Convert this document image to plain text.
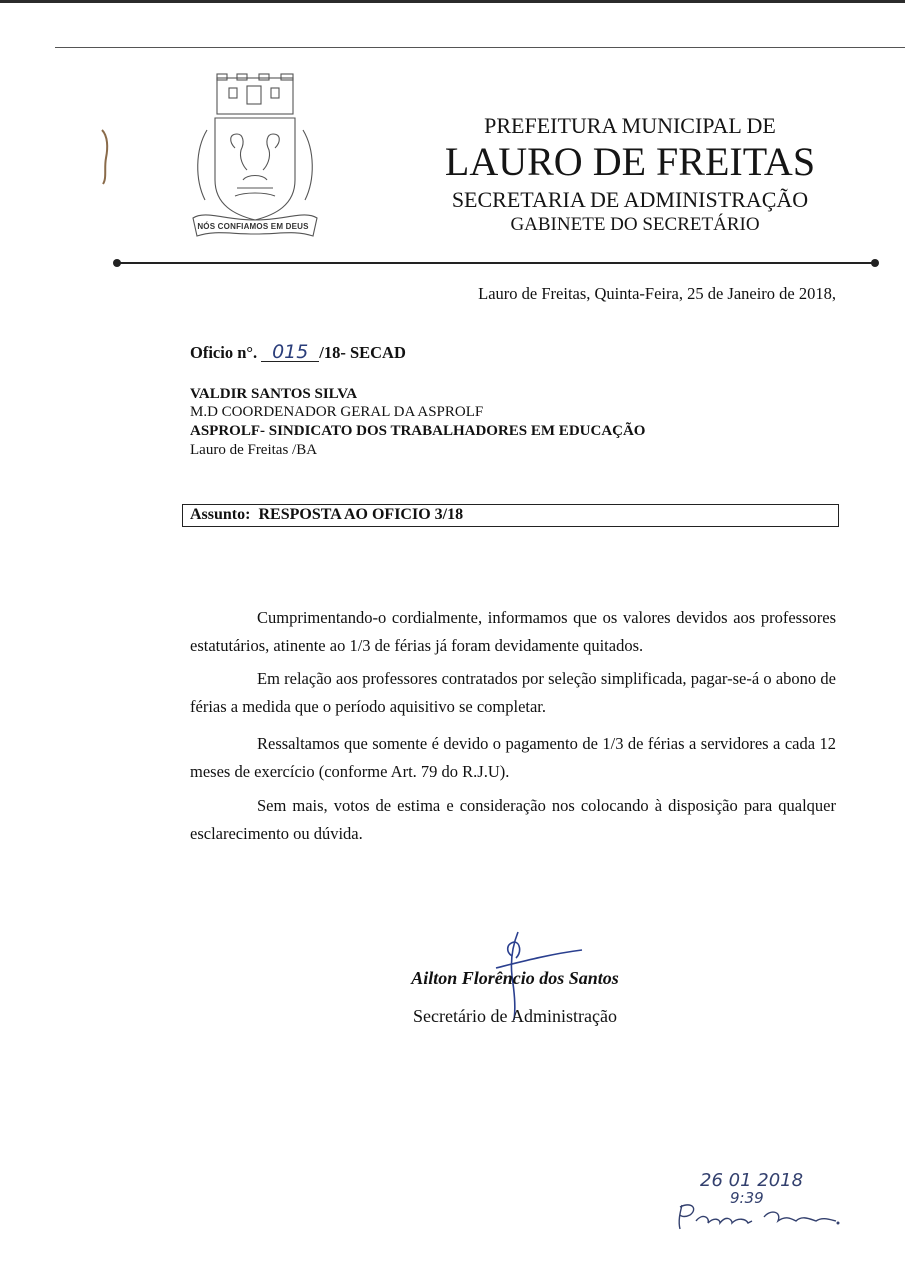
NÓS CONFIAMOS EM DEUS
PREFEITURA MUNICIPAL DE
LAURO DE FREITAS
SECRETARIA DE ADMINISTRAÇÃO
GABINETE DO SECRETÁRIO
Lauro de Freitas, Quinta-Feira, 25 de Janeiro de 2018,
Oficio n°. 015 /18- SECAD
VALDIR SANTOS SILVA
M.D COORDENADOR GERAL DA ASPROLF
ASPROLF- SINDICATO DOS TRABALHADORES EM EDUCAÇÃO
Lauro de Freitas /BA
Assunto: RESPOSTA AO OFICIO 3/18

Cumprimentando-o cordialmente, informamos que os valores devidos aos professores estatutários, atinente ao 1/3 de férias já foram devidamente quitados.

Em relação aos professores contratados por seleção simplificada, pagar-se-á o abono de férias a medida que o período aquisitivo se completar.

Ressaltamos que somente é devido o pagamento de 1/3 de férias a servidores a cada 12 meses de exercício (conforme Art. 79 do R.J.U).

Sem mais, votos de estima e consideração nos colocando à disposição para qualquer esclarecimento ou dúvida.

Ailton Florêncio dos Santos
Secretário de Administração
26 01 2018
9:39
